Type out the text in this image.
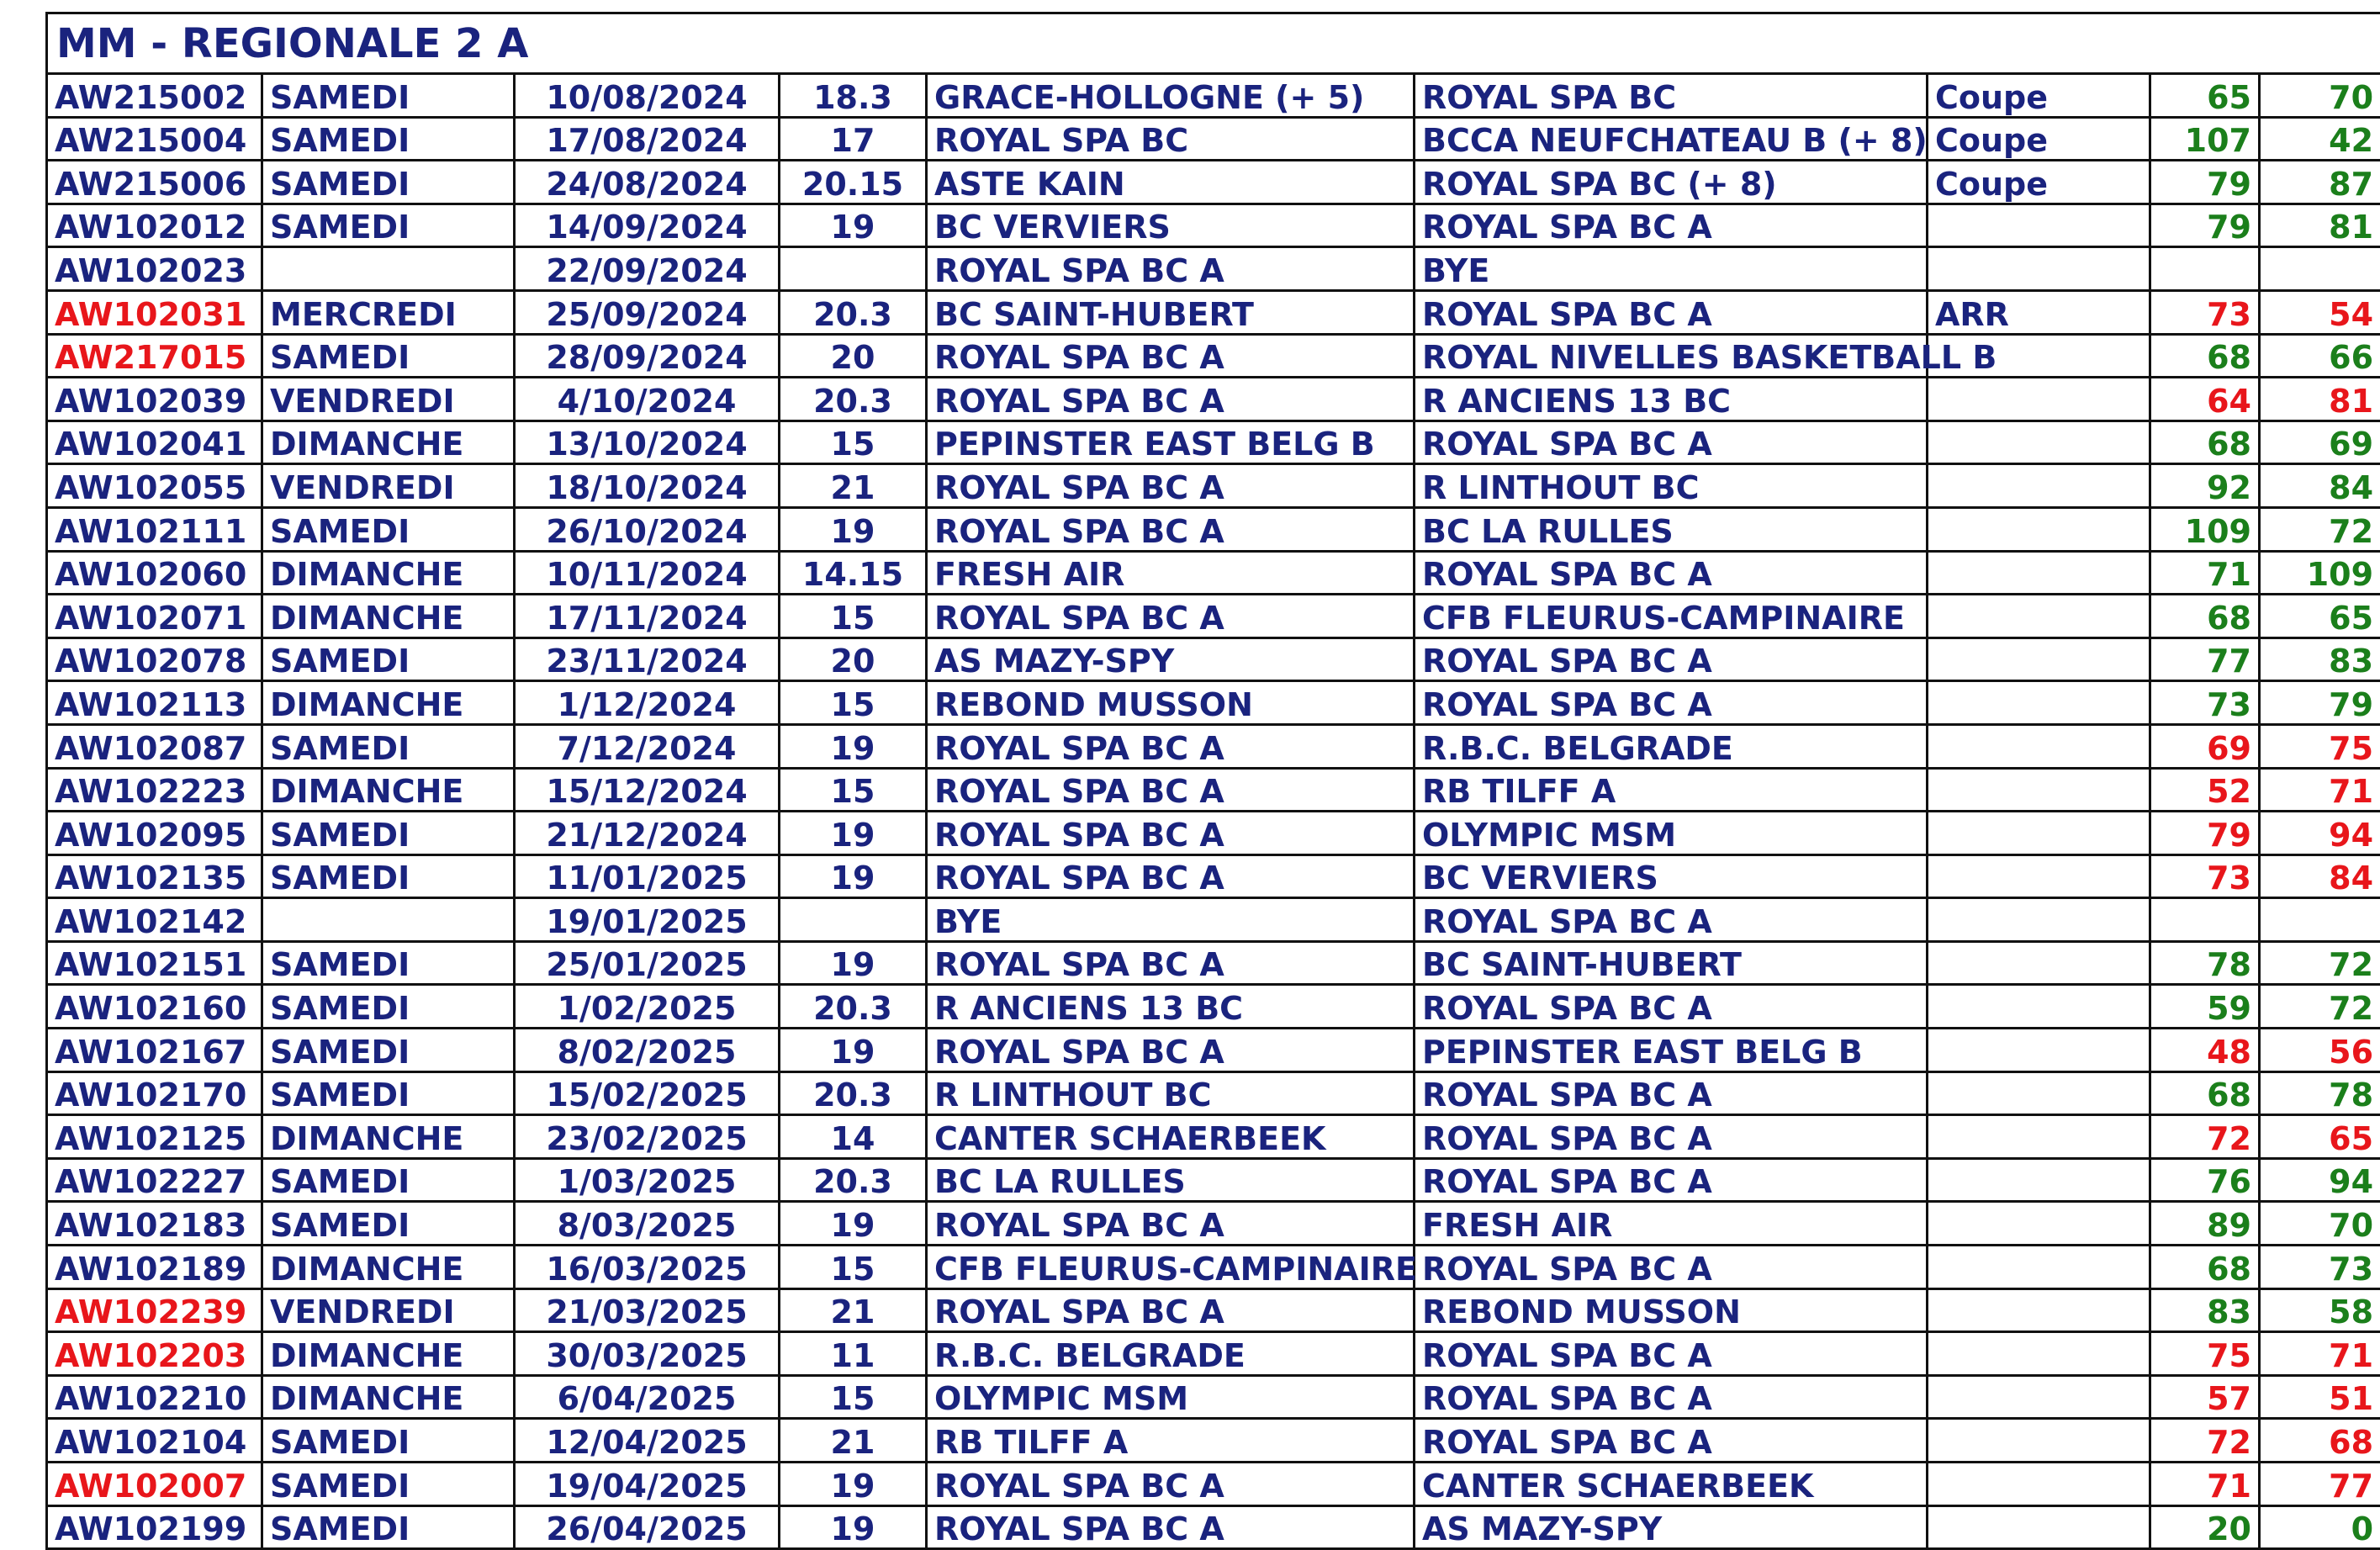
MM - REGIONALE 2 A								
AW215002	SAMEDI	10/08/2024	18.3	GRACE-HOLLOGNE (+ 5)	ROYAL SPA BC	Coupe	65	70
AW215004	SAMEDI	17/08/2024	17	ROYAL SPA BC	BCCA NEUFCHATEAU B (+ 8)	Coupe	107	42
AW215006	SAMEDI	24/08/2024	20.15	ASTE KAIN	ROYAL SPA BC (+ 8)	Coupe	79	87
AW102012	SAMEDI	14/09/2024	19	BC VERVIERS	ROYAL SPA BC A		79	81
AW102023		22/09/2024		ROYAL SPA BC A	BYE			
AW102031	MERCREDI	25/09/2024	20.3	BC SAINT-HUBERT	ROYAL SPA BC A	ARR	73	54
AW217015	SAMEDI	28/09/2024	20	ROYAL SPA BC A	ROYAL NIVELLES BASKETBALL B		68	66
AW102039	VENDREDI	4/10/2024	20.3	ROYAL SPA BC A	R ANCIENS 13 BC		64	81
AW102041	DIMANCHE	13/10/2024	15	PEPINSTER EAST BELG B	ROYAL SPA BC A		68	69
AW102055	VENDREDI	18/10/2024	21	ROYAL SPA BC A	R LINTHOUT BC		92	84
AW102111	SAMEDI	26/10/2024	19	ROYAL SPA BC A	BC LA RULLES		109	72
AW102060	DIMANCHE	10/11/2024	14.15	FRESH AIR	ROYAL SPA BC A		71	109
AW102071	DIMANCHE	17/11/2024	15	ROYAL SPA BC A	CFB FLEURUS-CAMPINAIRE		68	65
AW102078	SAMEDI	23/11/2024	20	AS MAZY-SPY	ROYAL SPA BC A		77	83
AW102113	DIMANCHE	1/12/2024	15	REBOND MUSSON	ROYAL SPA BC A		73	79
AW102087	SAMEDI	7/12/2024	19	ROYAL SPA BC A	R.B.C. BELGRADE		69	75
AW102223	DIMANCHE	15/12/2024	15	ROYAL SPA BC A	RB TILFF A		52	71
AW102095	SAMEDI	21/12/2024	19	ROYAL SPA BC A	OLYMPIC MSM		79	94
AW102135	SAMEDI	11/01/2025	19	ROYAL SPA BC A	BC VERVIERS		73	84
AW102142		19/01/2025		BYE	ROYAL SPA BC A			
AW102151	SAMEDI	25/01/2025	19	ROYAL SPA BC A	BC SAINT-HUBERT		78	72
AW102160	SAMEDI	1/02/2025	20.3	R ANCIENS 13 BC	ROYAL SPA BC A		59	72
AW102167	SAMEDI	8/02/2025	19	ROYAL SPA BC A	PEPINSTER EAST BELG B		48	56
AW102170	SAMEDI	15/02/2025	20.3	R LINTHOUT BC	ROYAL SPA BC A		68	78
AW102125	DIMANCHE	23/02/2025	14	CANTER SCHAERBEEK	ROYAL SPA BC A		72	65
AW102227	SAMEDI	1/03/2025	20.3	BC LA RULLES	ROYAL SPA BC A		76	94
AW102183	SAMEDI	8/03/2025	19	ROYAL SPA BC A	FRESH AIR		89	70
AW102189	DIMANCHE	16/03/2025	15	CFB FLEURUS-CAMPINAIRE	ROYAL SPA BC A		68	73
AW102239	VENDREDI	21/03/2025	21	ROYAL SPA BC A	REBOND MUSSON		83	58
AW102203	DIMANCHE	30/03/2025	11	R.B.C. BELGRADE	ROYAL SPA BC A		75	71
AW102210	DIMANCHE	6/04/2025	15	OLYMPIC MSM	ROYAL SPA BC A		57	51
AW102104	SAMEDI	12/04/2025	21	RB TILFF A	ROYAL SPA BC A		72	68
AW102007	SAMEDI	19/04/2025	19	ROYAL SPA BC A	CANTER SCHAERBEEK		71	77
AW102199	SAMEDI	26/04/2025	19	ROYAL SPA BC A	AS MAZY-SPY		20	0
